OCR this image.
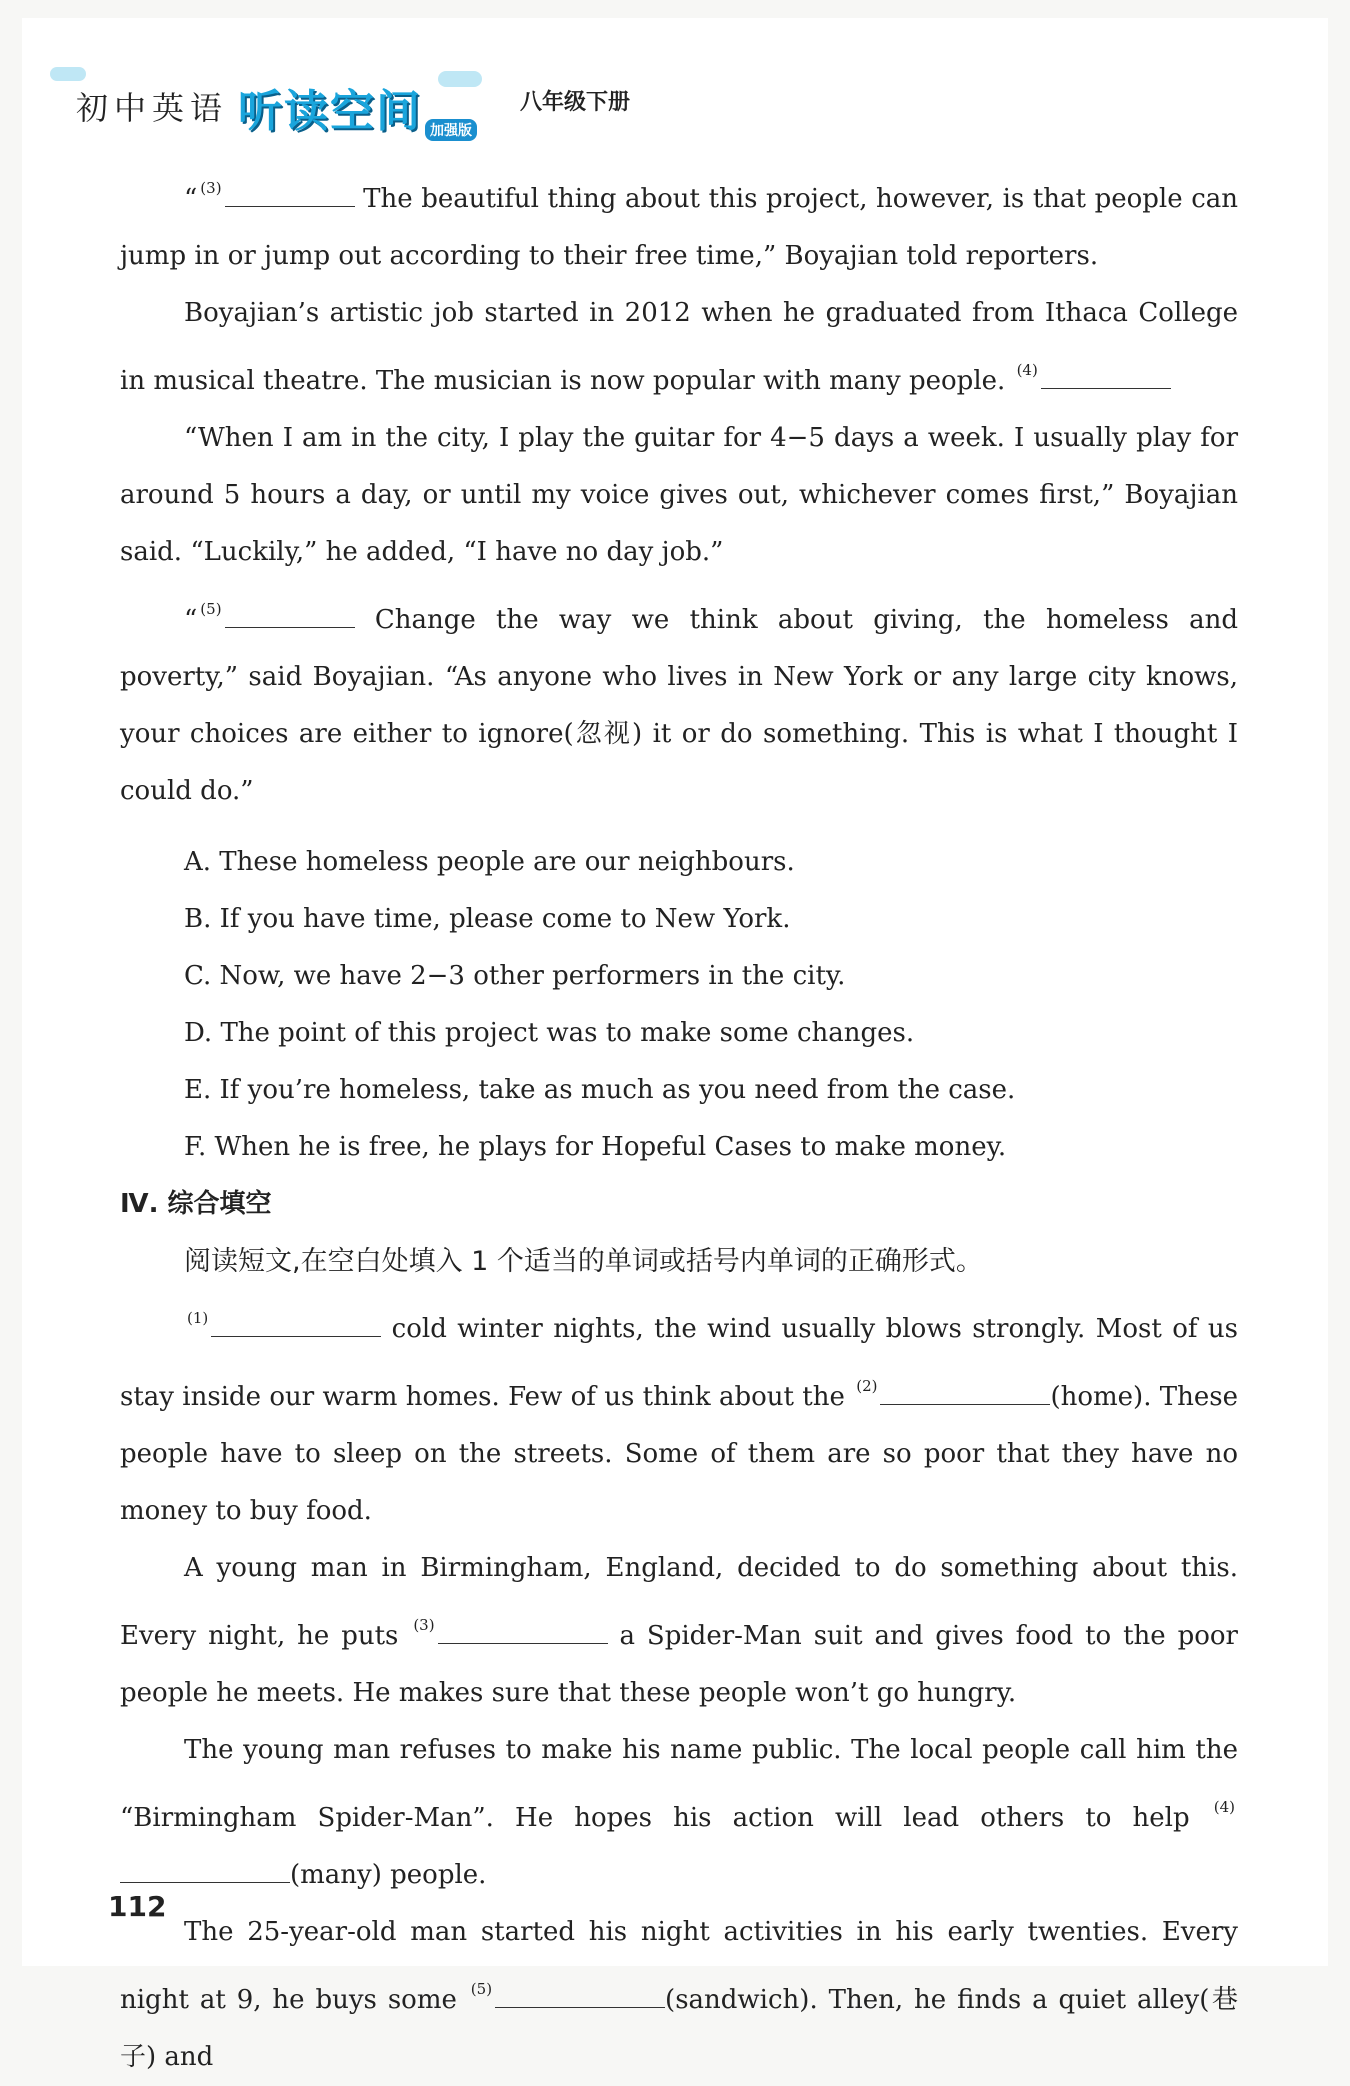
初中英语 听读空间 加强版
八年级下册

“ $^{(3)}$	The beautiful thing about this project, however, is that people can jump in or jump out according to their free time,” Boyajian told reporters.

Boyajian’s artistic job started in 2012 when he graduated from Ithaca College in musical theatre. The musician is now popular with many people. $^{(4)}$

“When I am in the city, I play the guitar for 4−5 days a week. I usually play for around 5 hours a day, or until my voice gives out, whichever comes first,” Boyajian said. “Luckily,” he added, “I have no day job.”

“ $^{(5)}$	Change the way we think about giving, the homeless and poverty,” said Boyajian. “As anyone who lives in New York or any large city knows, your choices are either to ignore(忽视) it or do something. This is what I thought I could do.”

A. These homeless people are our neighbours.

B. If you have time, please come to New York.

C. Now, we have 2−3 other performers in the city.

D. The point of this project was to make some changes.

E. If you’re homeless, take as much as you need from the case.

F. When he is free, he plays for Hopeful Cases to make money.

Ⅳ. 综合填空

阅读短文,在空白处填入 1 个适当的单词或括号内单词的正确形式。

$^{(1)}$	cold winter nights, the wind usually blows strongly. Most of us stay inside our warm homes. Few of us think about the $^{(2)}$	(home). These people have to sleep on the streets. Some of them are so poor that they have no money to buy food.

A young man in Birmingham, England, decided to do something about this. Every night, he puts $^{(3)}$	a Spider-Man suit and gives food to the poor people he meets. He makes sure that these people won’t go hungry.

The young man refuses to make his name public. The local people call him the “Birmingham Spider-Man”. He hopes his action will lead others to help $^{(4)}$(many) people.

The 25-year-old man started his night activities in his early twenties. Every night at 9, he buys some $^{(5)}$	(sandwich). Then, he finds a quiet alley(巷子) and

112
